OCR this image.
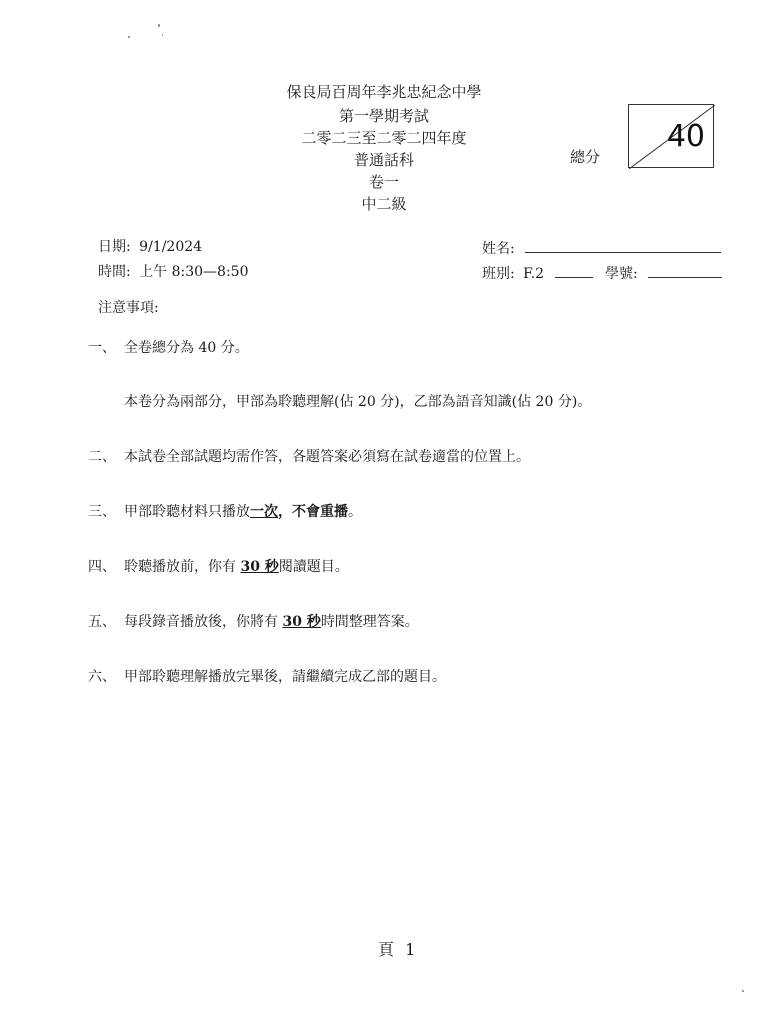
保良局百周年李兆忠紀念中學
第一學期考試
二零二三至二零二四年度
普通話科
卷一
中二級
總分
40
日期: 9/1/2024
時間: 上午 8:30—8:50
姓名:
班別: F.2	學號:
注意事項:
一、 全卷總分為 40 分。
本卷分為兩部分，甲部為聆聽理解(佔 20 分)，乙部為語音知識(佔 20 分)。
二、 本試卷全部試題均需作答，各題答案必須寫在試卷適當的位置上。
三、 甲部聆聽材料只播放一次，不會重播。
四、 聆聽播放前，你有 30 秒閱讀題目。
五、 每段錄音播放後，你將有 30 秒時間整理答案。
六、 甲部聆聽理解播放完畢後，請繼續完成乙部的題目。
頁 1
